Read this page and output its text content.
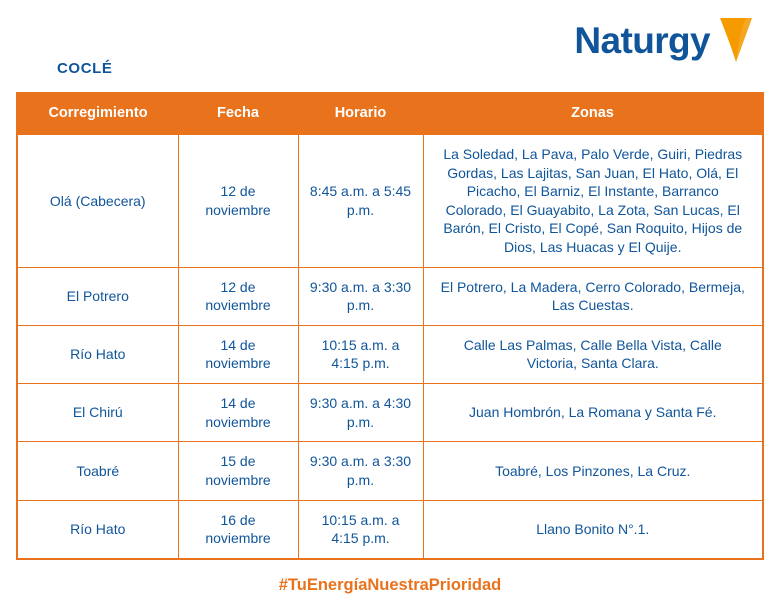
Naturgy
COCLÉ
Corregimiento	Fecha	Horario	Zonas
Olá (Cabecera)	12 de noviembre	8:45 a.m. a 5:45 p.m.	La Soledad, La Pava, Palo Verde, Guiri, Piedras Gordas, Las Lajitas, San Juan, El Hato, Olá, El Picacho, El Barniz, El Instante, Barranco Colorado, El Guayabito, La Zota, San Lucas, El Barón, El Cristo, El Copé, San Roquito, Hijos de Dios, Las Huacas y El Quije.
El Potrero	12 de noviembre	9:30 a.m. a 3:30 p.m.	El Potrero, La Madera, Cerro Colorado, Bermeja, Las Cuestas.
Río Hato	14 de noviembre	10:15 a.m. a 4:15 p.m.	Calle Las Palmas, Calle Bella Vista, Calle Victoria, Santa Clara.
El Chirú	14 de noviembre	9:30 a.m. a 4:30 p.m.	Juan Hombrón, La Romana y Santa Fé.
Toabré	15 de noviembre	9:30 a.m. a 3:30 p.m.	Toabré, Los Pinzones, La Cruz.
Río Hato	16 de noviembre	10:15 a.m. a 4:15 p.m.	Llano Bonito N°.1.
#TuEnergíaNuestraPrioridad
